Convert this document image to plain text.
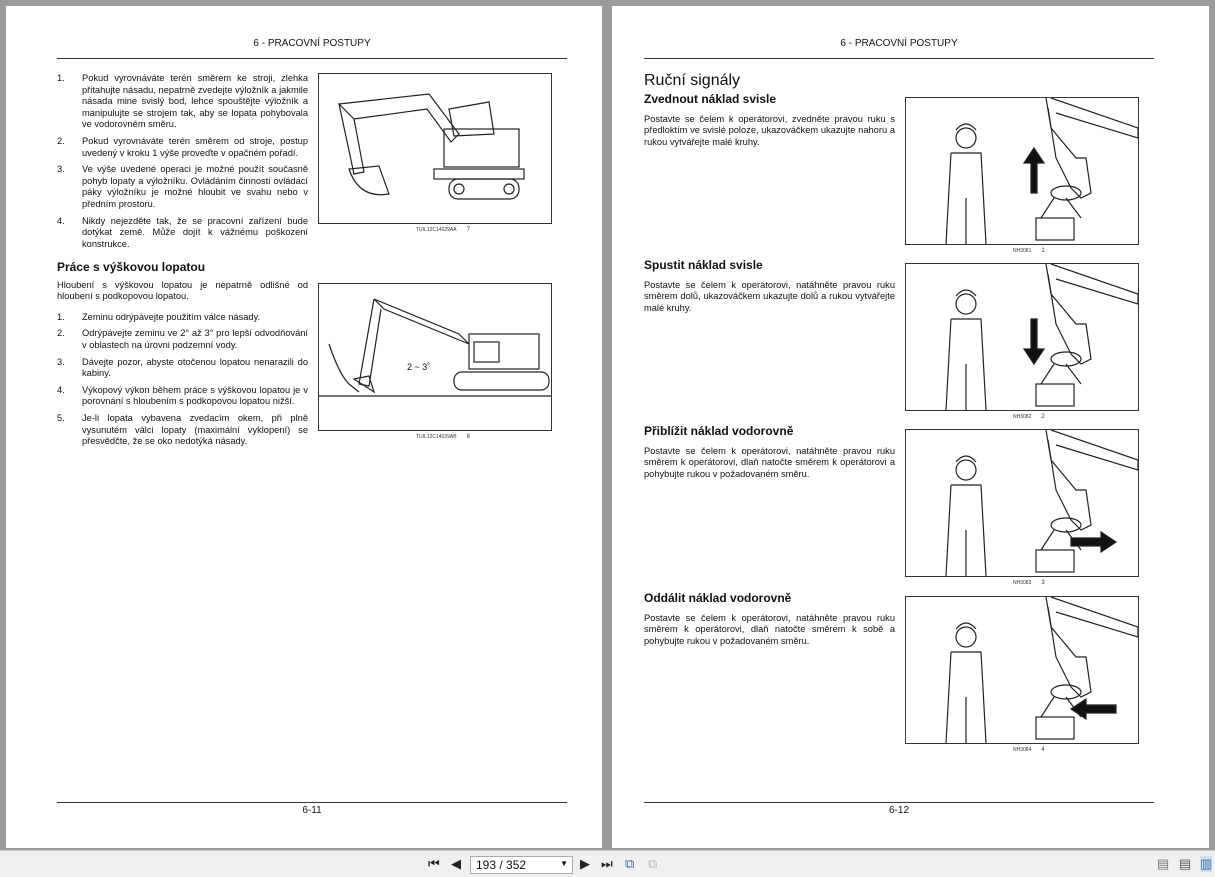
6 - PRACOVNÍ POSTUPY
1.	Pokud vyrovnáváte terén směrem ke stroji, zlehka přitahujte násadu, nepatrně zvedejte výložník a jakmile násada mine svislý bod, lehce spouštějte výložník a manipulujte se strojem tak, aby se lopata pohybovala ve vodorovném směru.
2.	Pokud vyrovnáváte terén směrem od stroje, postup uvedený v kroku 1 výše proveďte v opačném pořadí.
3.	Ve výše uvedené operaci je možné použít současně pohyb lopaty a výložníku. Ovládáním činnosti ovládací páky výložníku je možné hloubit ve svahu nebo v předním prostoru.
4.	Nikdy nejezděte tak, že se pracovní zařízení bude dotýkat země. Může dojít k vážnému poškození konstrukce.
Práce s výškovou lopatou

Hloubení s výškovou lopatou je nepatrně odlišné od hloubení s podkopovou lopatou.

1.	Zeminu odrýpávejte použitím válce násady.
2.	Odrýpávejte zeminu ve 2° až 3° pro lepší odvodňování v oblastech na úrovni podzemní vody.
3.	Dávejte pozor, abyste otočenou lopatou nenarazili do kabiny.
4.	Výkopový výkon během práce s výškovou lopatou je v porovnání s hloubením s podkopovou lopatou nižší.
5.	Je-li lopata vybavena zvedacím okem, při plně vysunutém válci lopaty (maximální vyklopení) se přesvědčte, že se oko nedotýká násady.
TUIL12C14029AA 7
2 ~ 3˚
TUIL12C14029AB 8
6-11
6 - PRACOVNÍ POSTUPY
Ruční signály
Zvednout náklad svisle

Postavte se čelem k operátorovi, zvedněte pravou ruku s předloktím ve svislé poloze, ukazováčkem ukazujte nahoru a rukou vytvářejte malé kruhy.

NH3081 1
Spustit náklad svisle

Postavte se čelem k operátorovi, natáhněte pravou ruku směrem dolů, ukazováčkem ukazujte dolů a rukou vytvářejte malé kruhy.

NH3082 2
Přiblížit náklad vodorovně

Postavte se čelem k operátorovi, natáhněte pravou ruku směrem k operátorovi, dlaň natočte směrem k operátorovi a pohybujte rukou v požadovaném směru.

NH3083 3
Oddálit náklad vodorovně

Postavte se čelem k operátorovi, natáhněte pravou ruku směrem k operátorovi, dlaň natočte směrem k sobě a pohybujte rukou v požadovaném směru.

NH3084 4
6-12
⏮ ◀	193 / 352	▼ ▶ ⏭ ⧉ ⧉	▤ ▤ ▥
